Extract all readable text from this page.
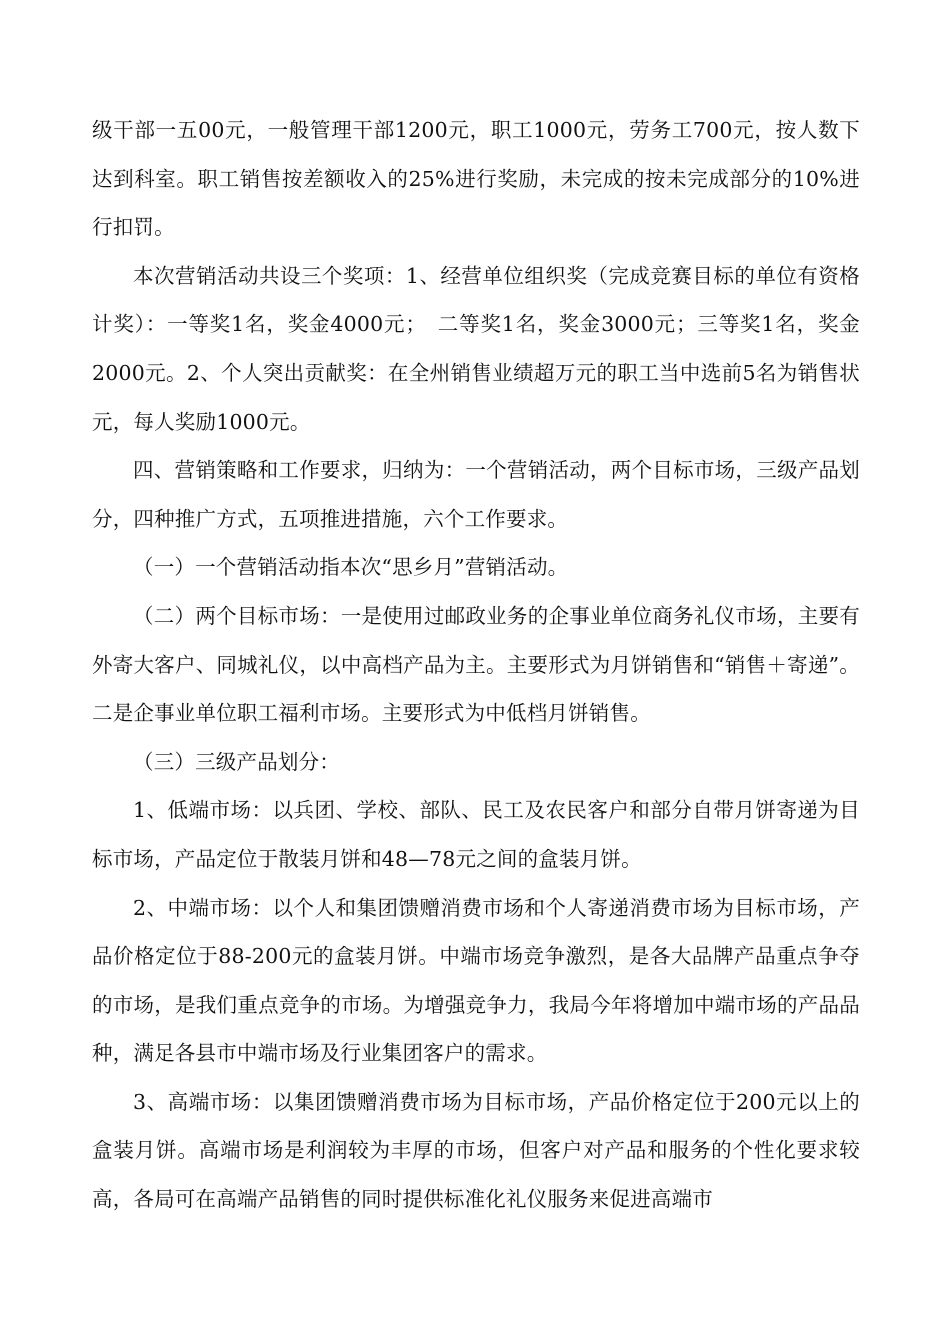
级干部一五00元，一般管理干部1200元，职工1000元，劳务工700元，按人数下达到科室。职工销售按差额收入的25%进行奖励，未完成的按未完成部分的10%进行扣罚。

本次营销活动共设三个奖项：1、经营单位组织奖（完成竞赛目标的单位有资格计奖）：一等奖1名，奖金4000元；　二等奖1名，奖金3000元；三等奖1名，奖金2000元。2、个人突出贡献奖：在全州销售业绩超万元的职工当中选前5名为销售状元，每人奖励1000元。

四、营销策略和工作要求，归纳为：一个营销活动，两个目标市场，三级产品划分，四种推广方式，五项推进措施，六个工作要求。

（一）一个营销活动指本次“思乡月”营销活动。

（二）两个目标市场：一是使用过邮政业务的企事业单位商务礼仪市场，主要有外寄大客户、同城礼仪，以中高档产品为主。主要形式为月饼销售和“销售＋寄递”。二是企事业单位职工福利市场。主要形式为中低档月饼销售。

（三）三级产品划分：

1、低端市场：以兵团、学校、部队、民工及农民客户和部分自带月饼寄递为目标市场，产品定位于散装月饼和48—78元之间的盒装月饼。

2、中端市场：以个人和集团馈赠消费市场和个人寄递消费市场为目标市场，产品价格定位于88-200元的盒装月饼。中端市场竞争激烈，是各大品牌产品重点争夺的市场，是我们重点竞争的市场。为增强竞争力，我局今年将增加中端市场的产品品种，满足各县市中端市场及行业集团客户的需求。

3、高端市场：以集团馈赠消费市场为目标市场，产品价格定位于200元以上的盒装月饼。高端市场是利润较为丰厚的市场，但客户对产品和服务的个性化要求较高，各局可在高端产品销售的同时提供标准化礼仪服务来促进高端市
